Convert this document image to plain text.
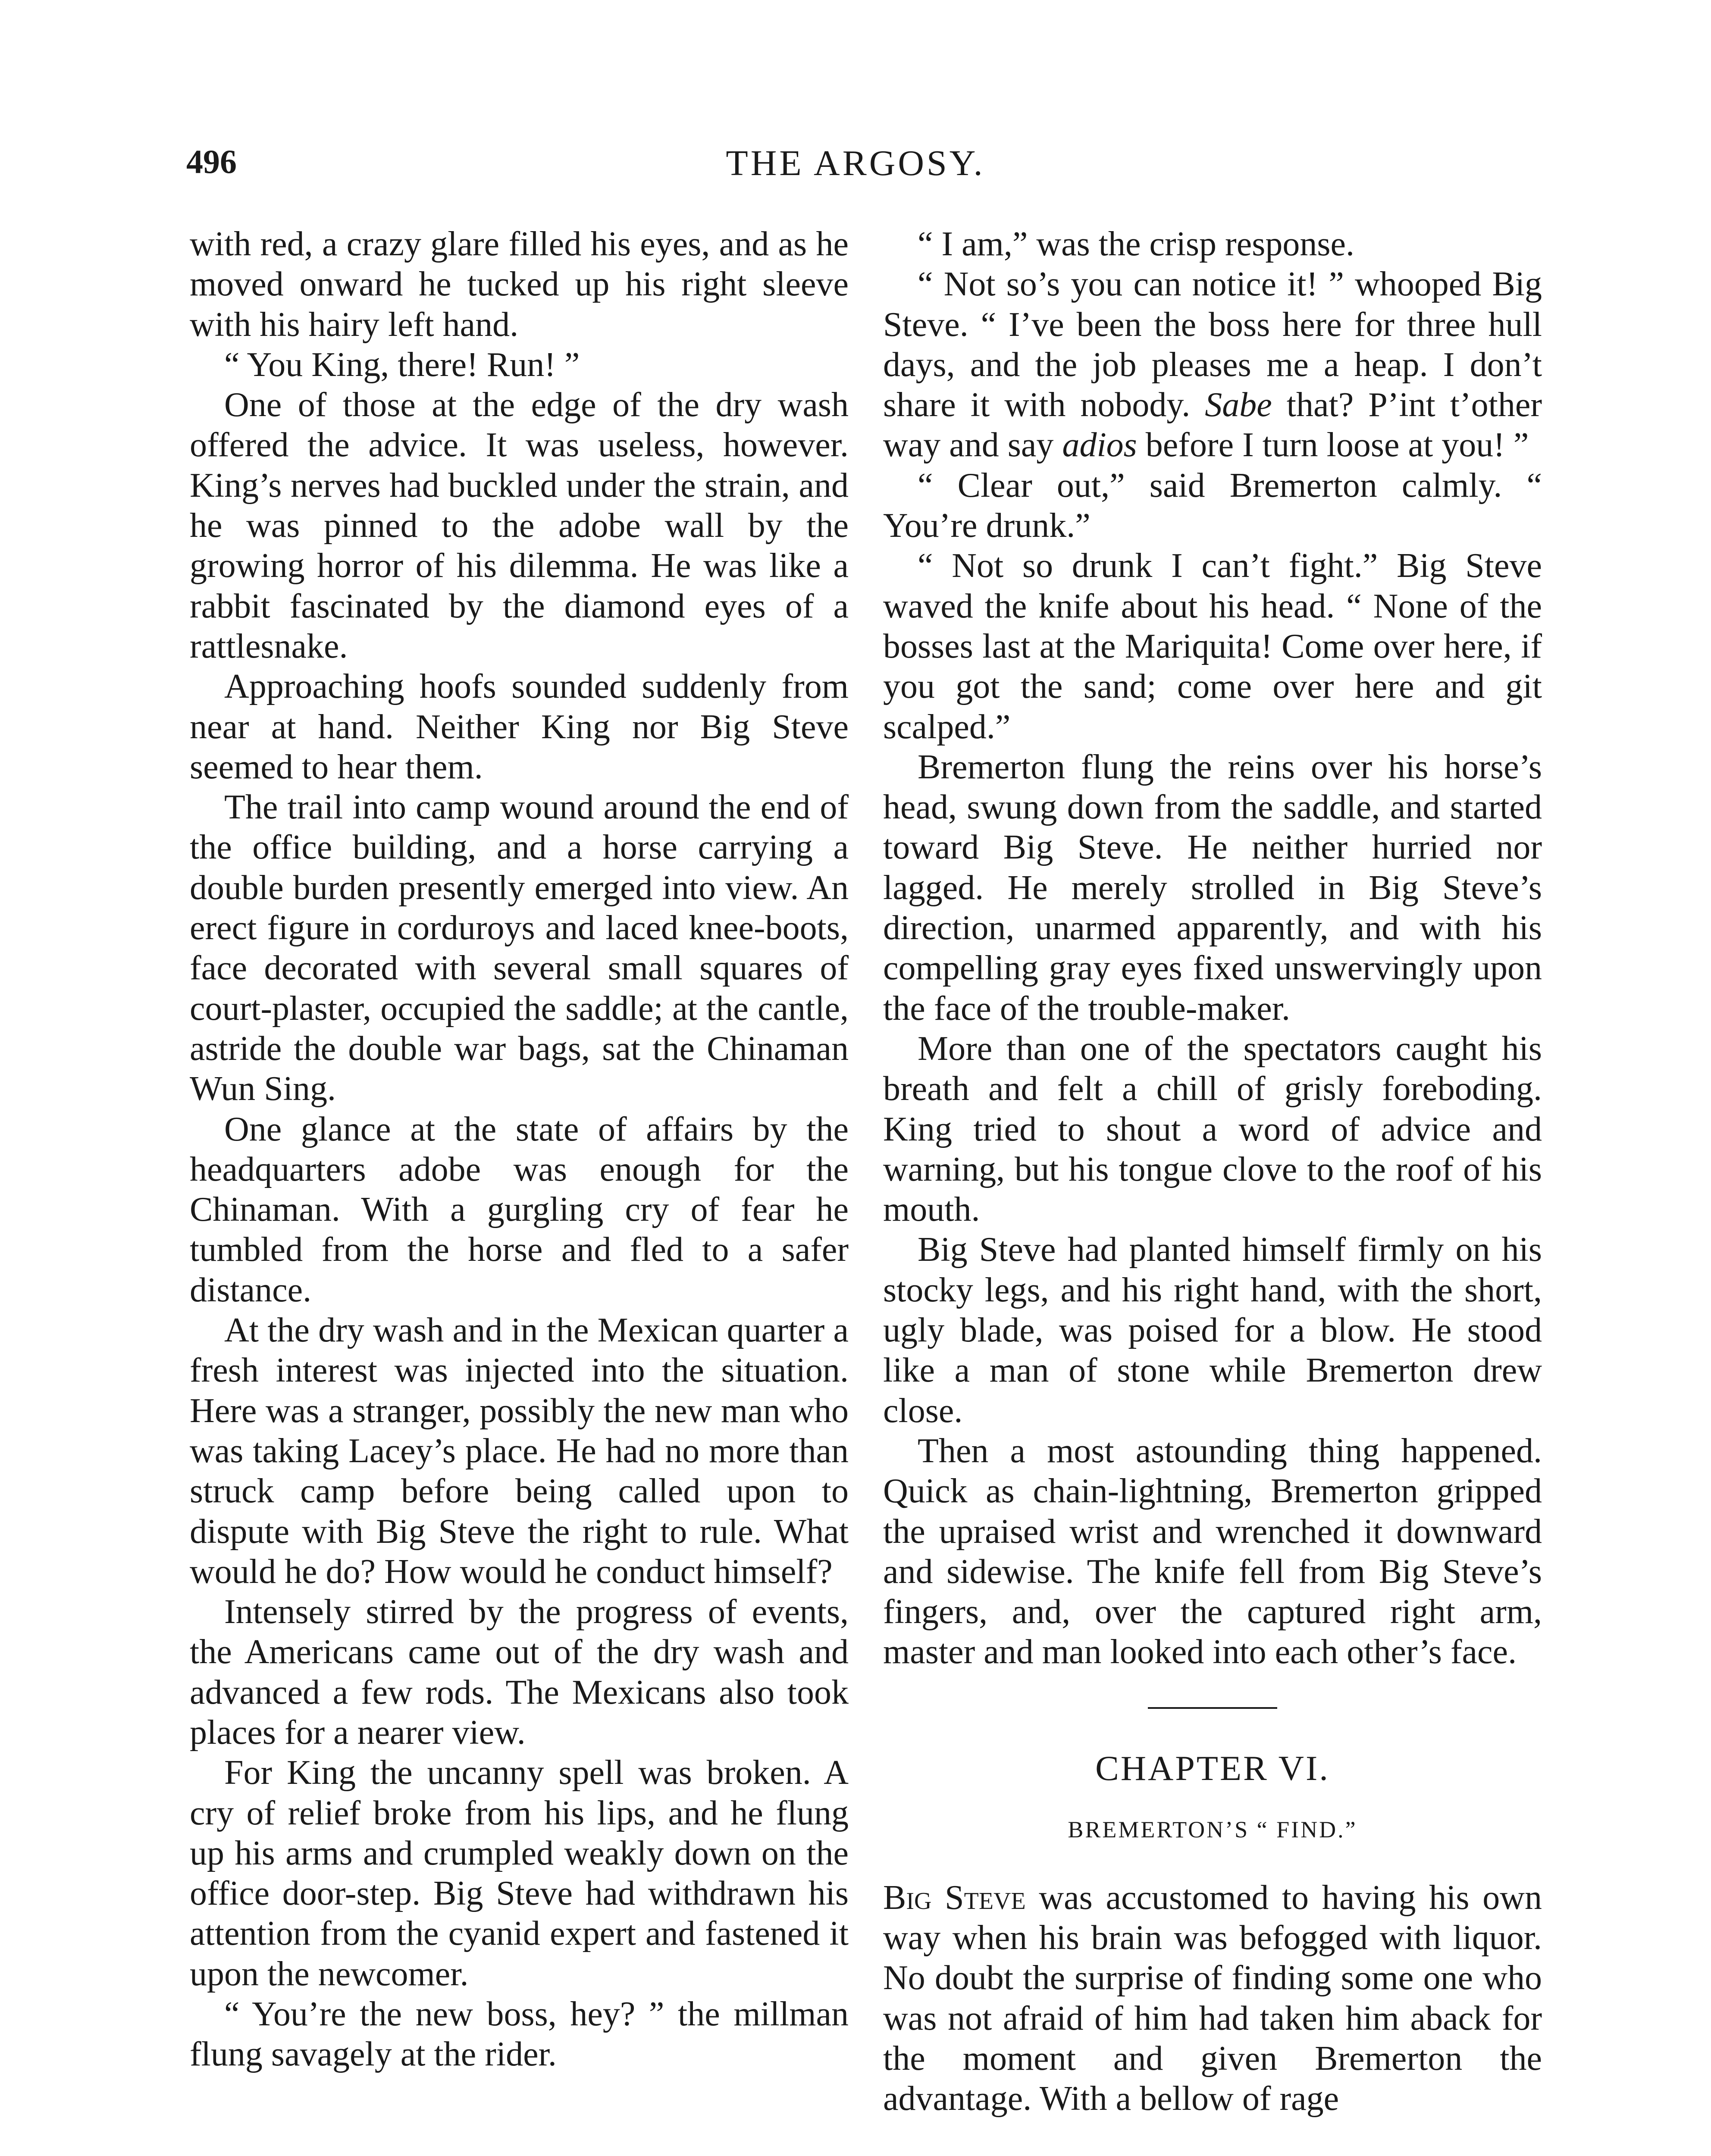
496	THE ARGOSY.

with red, a crazy glare filled his eyes, and as he moved onward he tucked up his right sleeve with his hairy left hand.

“ You King, there! Run! ”

One of those at the edge of the dry wash offered the advice. It was useless, however. King’s nerves had buckled under the strain, and he was pinned to the adobe wall by the growing horror of his dilemma. He was like a rabbit fascinated by the diamond eyes of a rattlesnake.

Approaching hoofs sounded suddenly from near at hand. Neither King nor Big Steve seemed to hear them.

The trail into camp wound around the end of the office building, and a horse carrying a double burden presently emerged into view. An erect figure in corduroys and laced knee-boots, face decorated with several small squares of court-plaster, occupied the saddle; at the cantle, astride the double war bags, sat the Chinaman Wun Sing.

One glance at the state of affairs by the headquarters adobe was enough for the Chinaman. With a gurgling cry of fear he tumbled from the horse and fled to a safer distance.

At the dry wash and in the Mexican quarter a fresh interest was injected into the situation. Here was a stranger, possibly the new man who was taking Lacey’s place. He had no more than struck camp before being called upon to dispute with Big Steve the right to rule. What would he do? How would he conduct himself?

Intensely stirred by the progress of events, the Americans came out of the dry wash and advanced a few rods. The Mexicans also took places for a nearer view.

For King the uncanny spell was broken. A cry of relief broke from his lips, and he flung up his arms and crumpled weakly down on the office door-step. Big Steve had withdrawn his attention from the cyanid expert and fastened it upon the newcomer.

“ You’re the new boss, hey? ” the millman flung savagely at the rider.

“ I am,” was the crisp response.

“ Not so’s you can notice it! ” whooped Big Steve. “ I’ve been the boss here for three hull days, and the job pleases me a heap. I don’t share it with nobody. Sabe that? P’int t’other way and say adios before I turn loose at you! ”

“ Clear out,” said Bremerton calmly. “ You’re drunk.”

“ Not so drunk I can’t fight.” Big Steve waved the knife about his head. “ None of the bosses last at the Mariquita! Come over here, if you got the sand; come over here and git scalped.”

Bremerton flung the reins over his horse’s head, swung down from the saddle, and started toward Big Steve. He neither hurried nor lagged. He merely strolled in Big Steve’s direction, unarmed apparently, and with his compelling gray eyes fixed unswervingly upon the face of the trouble-maker.

More than one of the spectators caught his breath and felt a chill of grisly foreboding. King tried to shout a word of advice and warning, but his tongue clove to the roof of his mouth.

Big Steve had planted himself firmly on his stocky legs, and his right hand, with the short, ugly blade, was poised for a blow. He stood like a man of stone while Bremerton drew close.

Then a most astounding thing happened. Quick as chain-lightning, Bremerton gripped the upraised wrist and wrenched it downward and sidewise. The knife fell from Big Steve’s fingers, and, over the captured right arm, master and man looked into each other’s face.

CHAPTER VI.
BREMERTON’S “ FIND.”

Big Steve was accustomed to having his own way when his brain was befogged with liquor. No doubt the surprise of finding some one who was not afraid of him had taken him aback for the moment and given Bremerton the advantage. With a bellow of rage
